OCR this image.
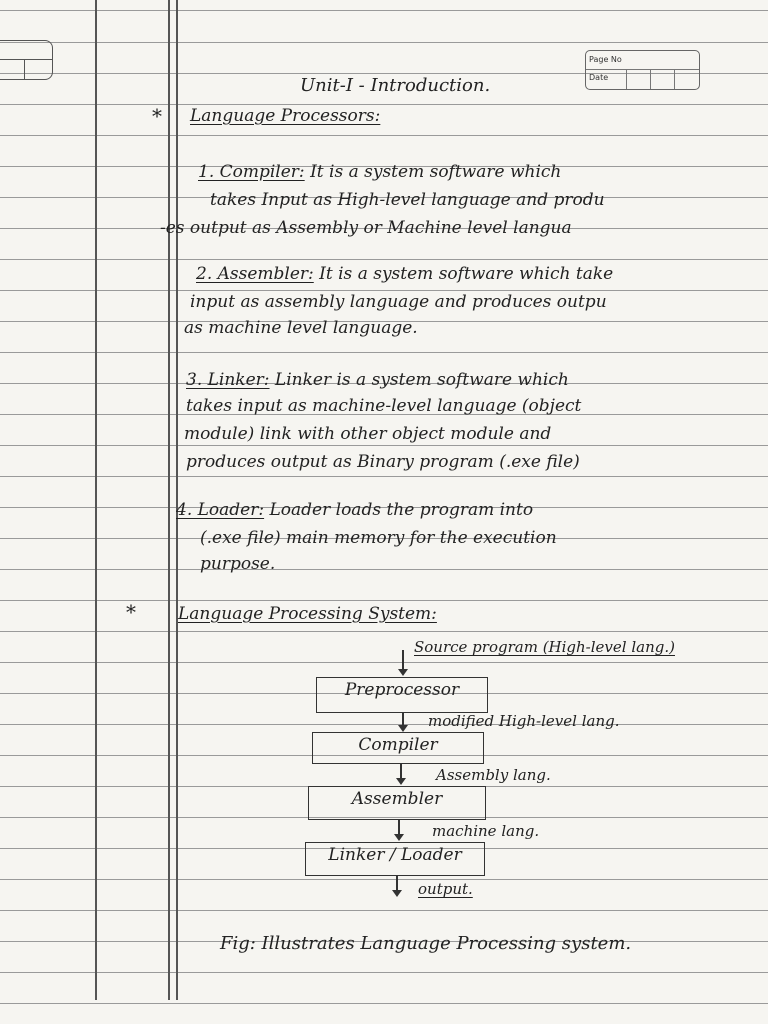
Page No
Date
Unit-I - Introduction.
* Language Processors:
1. Compiler: It is a system software which
takes Input as High-level language and produ
-es output as Assembly or Machine level langua
2. Assembler: It is a system software which take
input as assembly language and produces outpu
as machine level language.
3. Linker: Linker is a system software which
takes input as machine-level language (object
module) link with other object module and
produces output as Binary program (.exe file)
4. Loader: Loader loads the program into
(.exe file) main memory for the execution
purpose.
* Language Processing System:
Source program (High-level lang.)
Preprocessor
modified High-level lang.
Compiler
Assembly lang.
Assembler
machine lang.
Linker / Loader
output.
Fig: Illustrates Language Processing system.
